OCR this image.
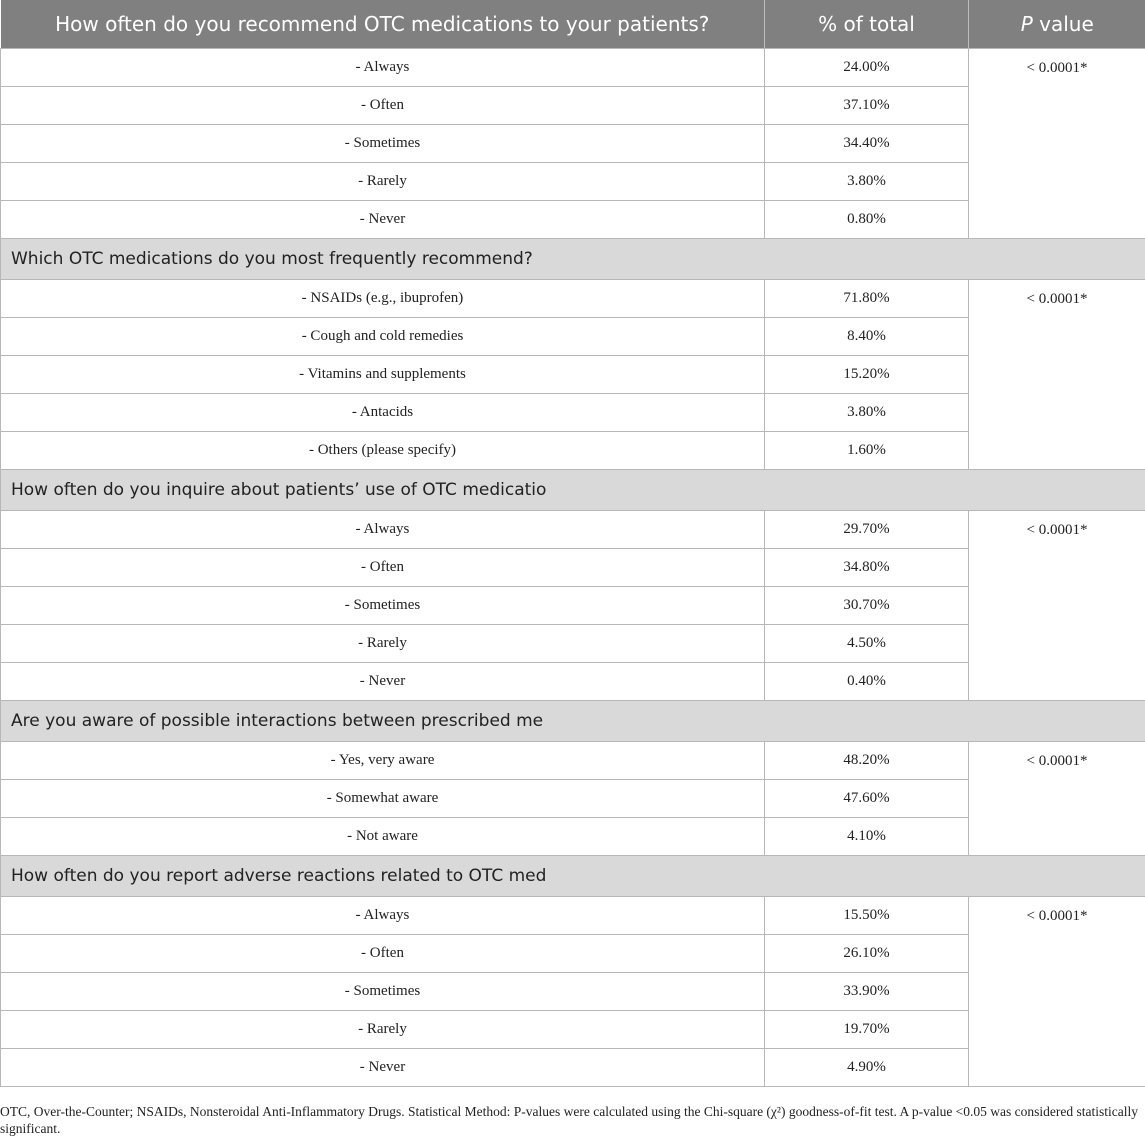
How often do you recommend OTC medications to your patients?	% of total	P value
- Always	24.00%	< 0.0001*
- Often	37.10%	
- Sometimes	34.40%	
- Rarely	3.80%	
- Never	0.80%	
Which OTC medications do you most frequently recommend?		
- NSAIDs (e.g., ibuprofen)	71.80%	< 0.0001*
- Cough and cold remedies	8.40%	
- Vitamins and supplements	15.20%	
- Antacids	3.80%	
- Others (please specify)	1.60%	
How often do you inquire about patients’ use of OTC medicatio		
- Always	29.70%	< 0.0001*
- Often	34.80%	
- Sometimes	30.70%	
- Rarely	4.50%	
- Never	0.40%	
Are you aware of possible interactions between prescribed me		
- Yes, very aware	48.20%	< 0.0001*
- Somewhat aware	47.60%	
- Not aware	4.10%	
How often do you report adverse reactions related to OTC med		
- Always	15.50%	< 0.0001*
- Often	26.10%	
- Sometimes	33.90%	
- Rarely	19.70%	
- Never	4.90%	
OTC, Over-the-Counter; NSAIDs, Nonsteroidal Anti-Inflammatory Drugs. Statistical Method: P-values were calculated using the Chi-square (χ²) goodness-of-fit test. A p-value <0.05 was considered statistically significant.
